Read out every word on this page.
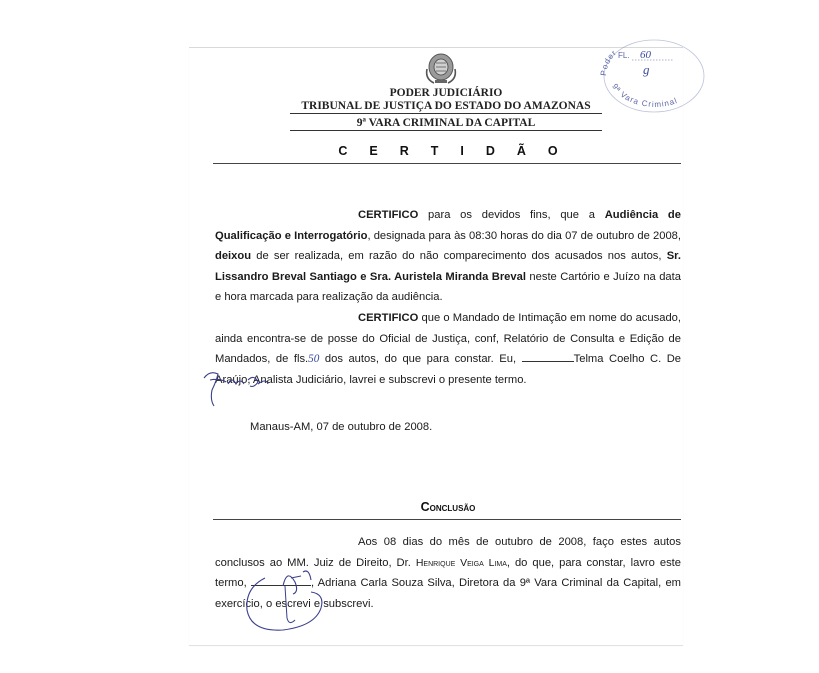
PODER JUDICIÁRIO
TRIBUNAL DE JUSTIÇA DO ESTADO DO AMAZONAS
9ª VARA CRIMINAL DA CAPITAL
Poder
9ª Vara Criminal
FL. 60
g
CERTIDÃO
CERTIFICO para os devidos fins, que a Audiência de Qualificação e Interrogatório, designada para às 08:30 horas do dia 07 de outubro de 2008, deixou de ser realizada, em razão do não comparecimento dos acusados nos autos, Sr. Lissandro Breval Santiago e Sra. Auristela Miranda Breval neste Cartório e Juízo na data e hora marcada para realização da audiência.
CERTIFICO que o Mandado de Intimação em nome do acusado, ainda encontra-se de posse do Oficial de Justiça, conf, Relatório de Consulta e Edição de Mandados, de fls.50 dos autos, do que para constar. Eu,	Telma Coelho C. De Araújo, Analista Judiciário, lavrei e subscrevi o presente termo.
Manaus-AM, 07 de outubro de 2008.
Conclusão
Aos 08 dias do mês de outubro de 2008, faço estes autos conclusos ao MM. Juiz de Direito, Dr. Henrique Veiga Lima, do que, para constar, lavro este termo,	, Adriana Carla Souza Silva, Diretora da 9ª Vara Criminal da Capital, em exercício, o escrevi e subscrevi.
